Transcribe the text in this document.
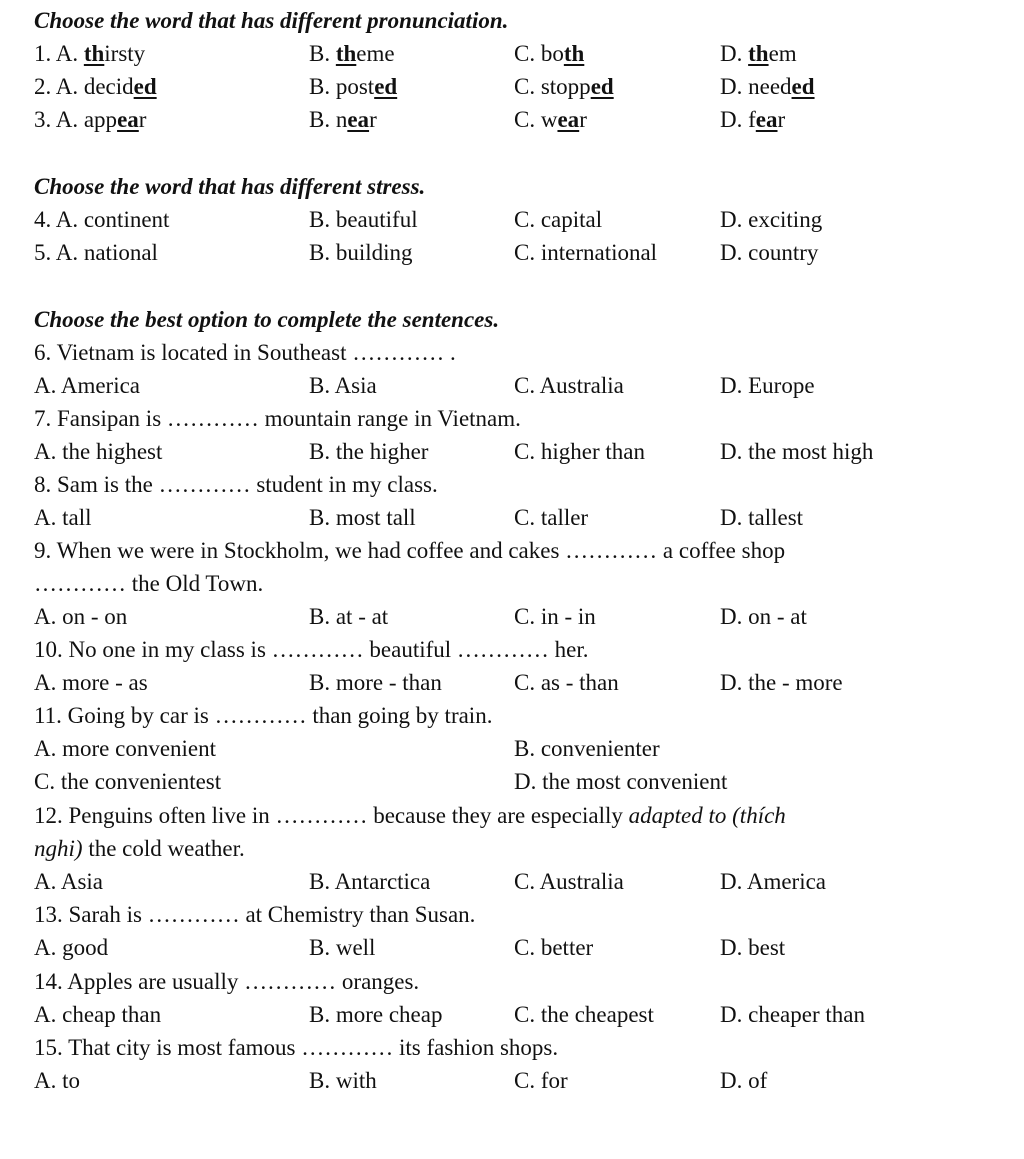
Choose the word that has different pronunciation.
1. A. thirsty	B. theme	C. both	D. them
2. A. decided	B. posted	C. stopped	D. needed
3. A. appear	B. near	C. wear	D. fear
Choose the word that has different stress.
4. A. continent	B. beautiful	C. capital	D. exciting
5. A. national	B. building	C. international	D. country
Choose the best option to complete the sentences.
6. Vietnam is located in Southeast ………… .
A. America	B. Asia	C. Australia	D. Europe
7. Fansipan is ………… mountain range in Vietnam.
A. the highest	B. the higher	C. higher than	D. the most high
8. Sam is the ………… student in my class.
A. tall	B. most tall	C. taller	D. tallest
9. When we were in Stockholm, we had coffee and cakes ………… a coffee shop
………… the Old Town.
A. on - on	B. at - at	C. in - in	D. on - at
10. No one in my class is ………… beautiful ………… her.
A. more - as	B. more - than	C. as - than	D. the - more
11. Going by car is ………… than going by train.
A. more convenient	B. convenienter
C. the convenientest	D. the most convenient
12. Penguins often live in ………… because they are especially adapted to (thích
nghi) the cold weather.
A. Asia	B. Antarctica	C. Australia	D. America
13. Sarah is ………… at Chemistry than Susan.
A. good	B. well	C. better	D. best
14. Apples are usually ………… oranges.
A. cheap than	B. more cheap	C. the cheapest	D. cheaper than
15. That city is most famous ………… its fashion shops.
A. to	B. with	C. for	D. of
